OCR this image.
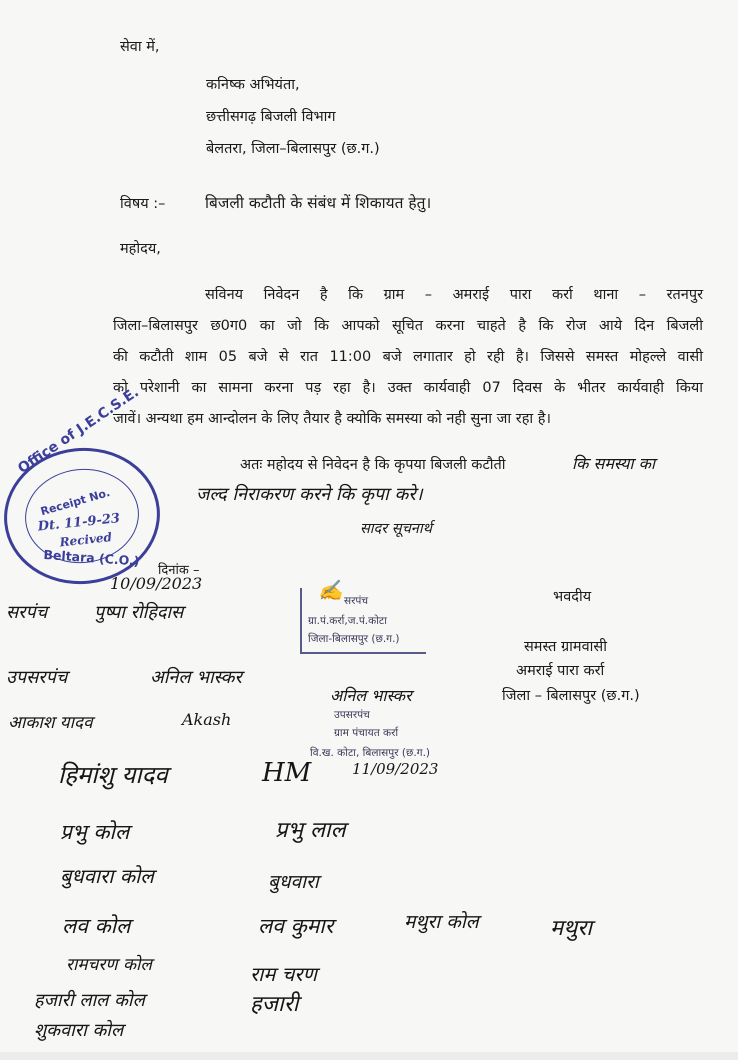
सेवा में,
कनिष्क अभियंता,
छत्तीसगढ़ बिजली विभाग
बेलतरा, जिला–बिलासपुर (छ.ग.)
विषय :–	बिजली कटौती के संबंध में शिकायत हेतु।
महोदय,
सविनय निवेदन है कि ग्राम – अमराई पारा कर्रा थाना – रतनपुर
जिला–बिलासपुर छ0ग0 का जो कि आपको सूचित करना चाहते है कि रोज आये दिन बिजली
की कटौती शाम 05 बजे से रात 11:00 बजे लगातार हो रही है। जिससे समस्त मोहल्ले वासी
को परेशानी का सामना करना पड़ रहा है। उक्त कार्यवाही 07 दिवस के भीतर कार्यवाही किया
जावें। अन्यथा हम आन्दोलन के लिए तैयार है क्योकि समस्या को नही सुना जा रहा है।
अतः महोदय से निवेदन है कि कृपया बिजली कटौती	कि समस्या का
जल्द निराकरण करने कि कृपा करे।
सादर सूचनार्थ
Office of J.E.C.S.E.
Receipt No.
Dt. 11-9-23
Recived
Beltara (C.O.)
दिनांक –
10/09/2023
भवदीय
समस्त ग्रामवासी
अमराई पारा कर्रा
जिला – बिलासपुर (छ.ग.)
✍ सरपंच
ग्रा.पं.कर्रा,ज.पं.कोटा
जिला-बिलासपुर (छ.ग.)
उपसरपंच
ग्राम पंचायत कर्रा
वि.ख. कोटा, बिलासपुर (छ.ग.)
11/09/2023
सरपंच	पुष्पा रोहिदास
उपसरपंच	अनिल भास्कर
अनिल भास्कर
आकाश यादव	Akash
हिमांशु यादव	HM
प्रभु कोल	प्रभु लाल
बुधवारा कोल	बुधवारा
लव कोल	लव कुमार	मथुरा कोल	मथुरा
रामचरण कोल	राम चरण
हजारी लाल कोल	हजारी
शुकवारा कोल
